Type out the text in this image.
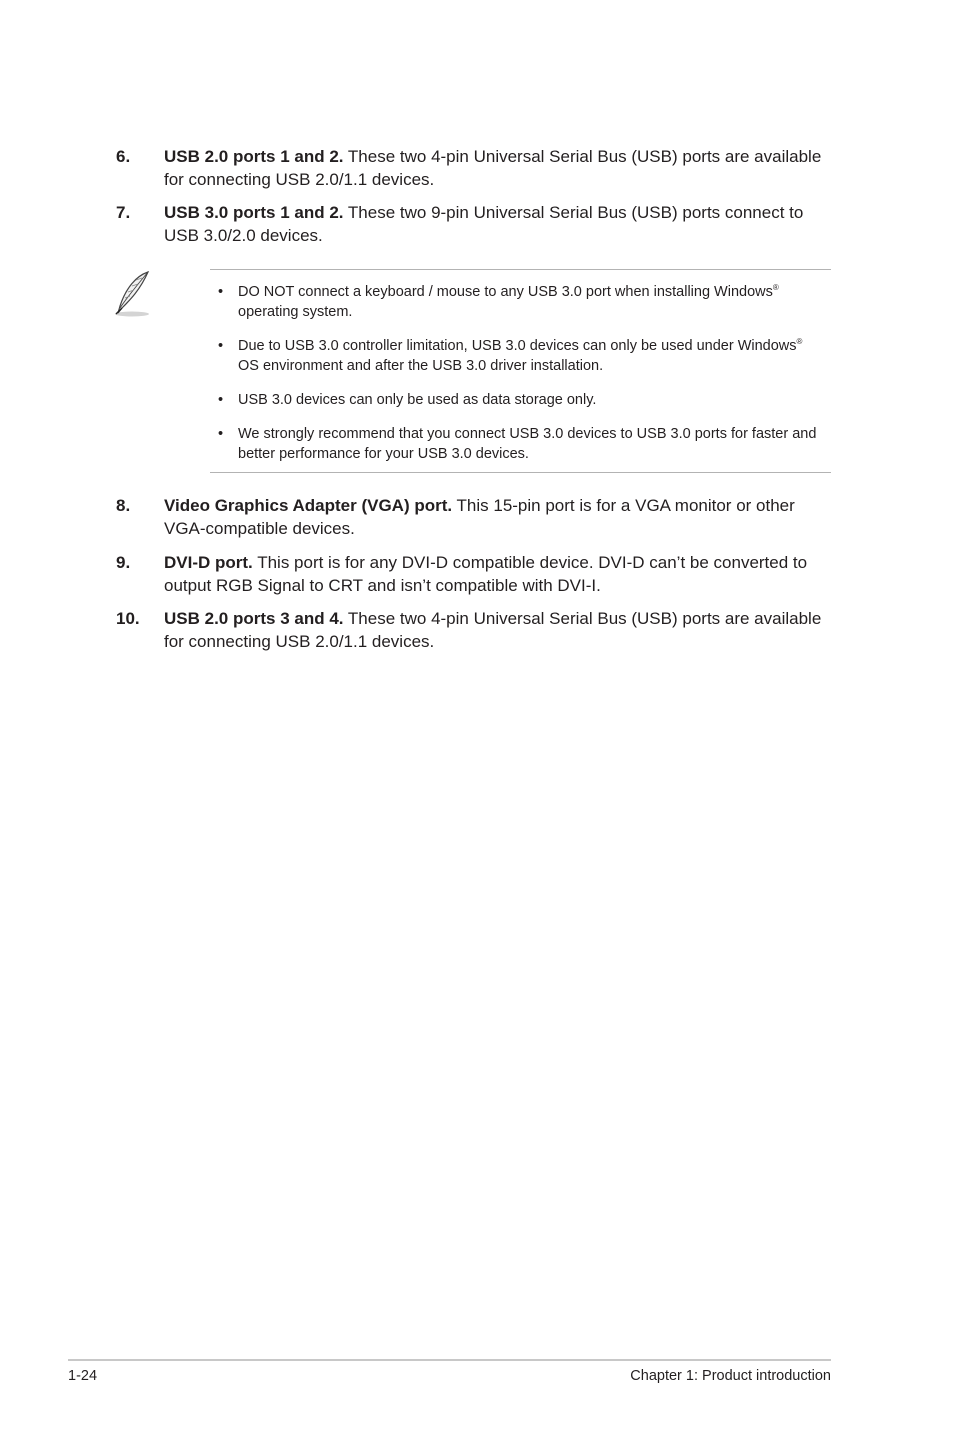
6. USB 2.0 ports 1 and 2. These two 4-pin Universal Serial Bus (USB) ports are available for connecting USB 2.0/1.1 devices.
7. USB 3.0 ports 1 and 2. These two 9-pin Universal Serial Bus (USB) ports connect to USB 3.0/2.0 devices.
• DO NOT connect a keyboard / mouse to any USB 3.0 port when installing Windows®
operating system.
• Due to USB 3.0 controller limitation, USB 3.0 devices can only be used under Windows®
OS environment and after the USB 3.0 driver installation.
• USB 3.0 devices can only be used as data storage only.
• We strongly recommend that you connect USB 3.0 devices to USB 3.0 ports for faster and better performance for your USB 3.0 devices.
8. Video Graphics Adapter (VGA) port. This 15-pin port is for a VGA monitor or other VGA-compatible devices.
9. DVI-D port. This port is for any DVI-D compatible device. DVI-D can’t be converted to output RGB Signal to CRT and isn’t compatible with DVI-I.
10. USB 2.0 ports 3 and 4. These two 4-pin Universal Serial Bus (USB) ports are available for connecting USB 2.0/1.1 devices.
1-24	Chapter 1: Product introduction
